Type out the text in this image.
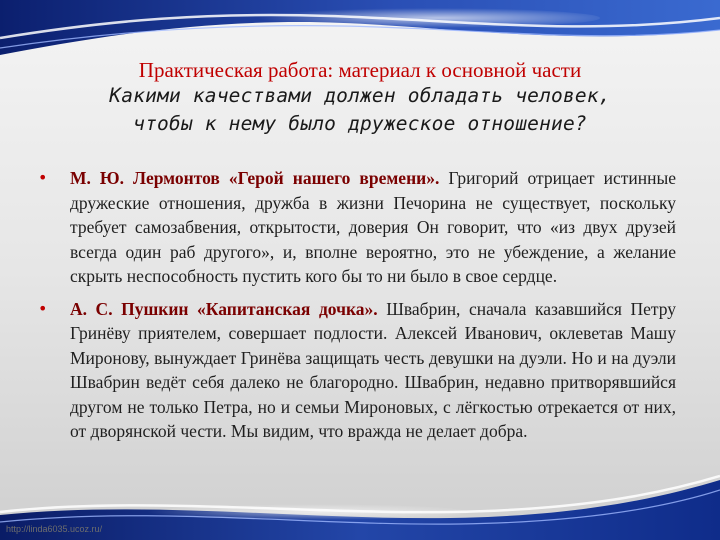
Практическая работа: материал к основной части
Какими качествами должен обладать человек,
чтобы к нему было дружеское отношение?
• М. Ю. Лермонтов «Герой нашего времени». Григорий отрицает истинные дружеские отношения, дружба в жизни Печорина не существует, поскольку требует самозабвения, открытости, доверия Он говорит, что «из двух друзей всегда один раб другого», и, вполне вероятно, это не убеждение, а желание скрыть неспособность пустить кого бы то ни было в свое сердце.

• А. С. Пушкин «Капитанская дочка». Швабрин, сначала казавшийся Петру Гринёву приятелем, совершает подлости. Алексей Иванович, оклеветав Машу Миронову, вынуждает Гринёва защищать честь девушки на дуэли. Но и на дуэли Швабрин ведёт себя далеко не благородно. Швабрин, недавно притворявшийся другом не только Петра, но и семьи Мироновых, с лёгкостью отрекается от них, от дворянской чести. Мы видим, что вражда не делает добра.

http://linda6035.ucoz.ru/
